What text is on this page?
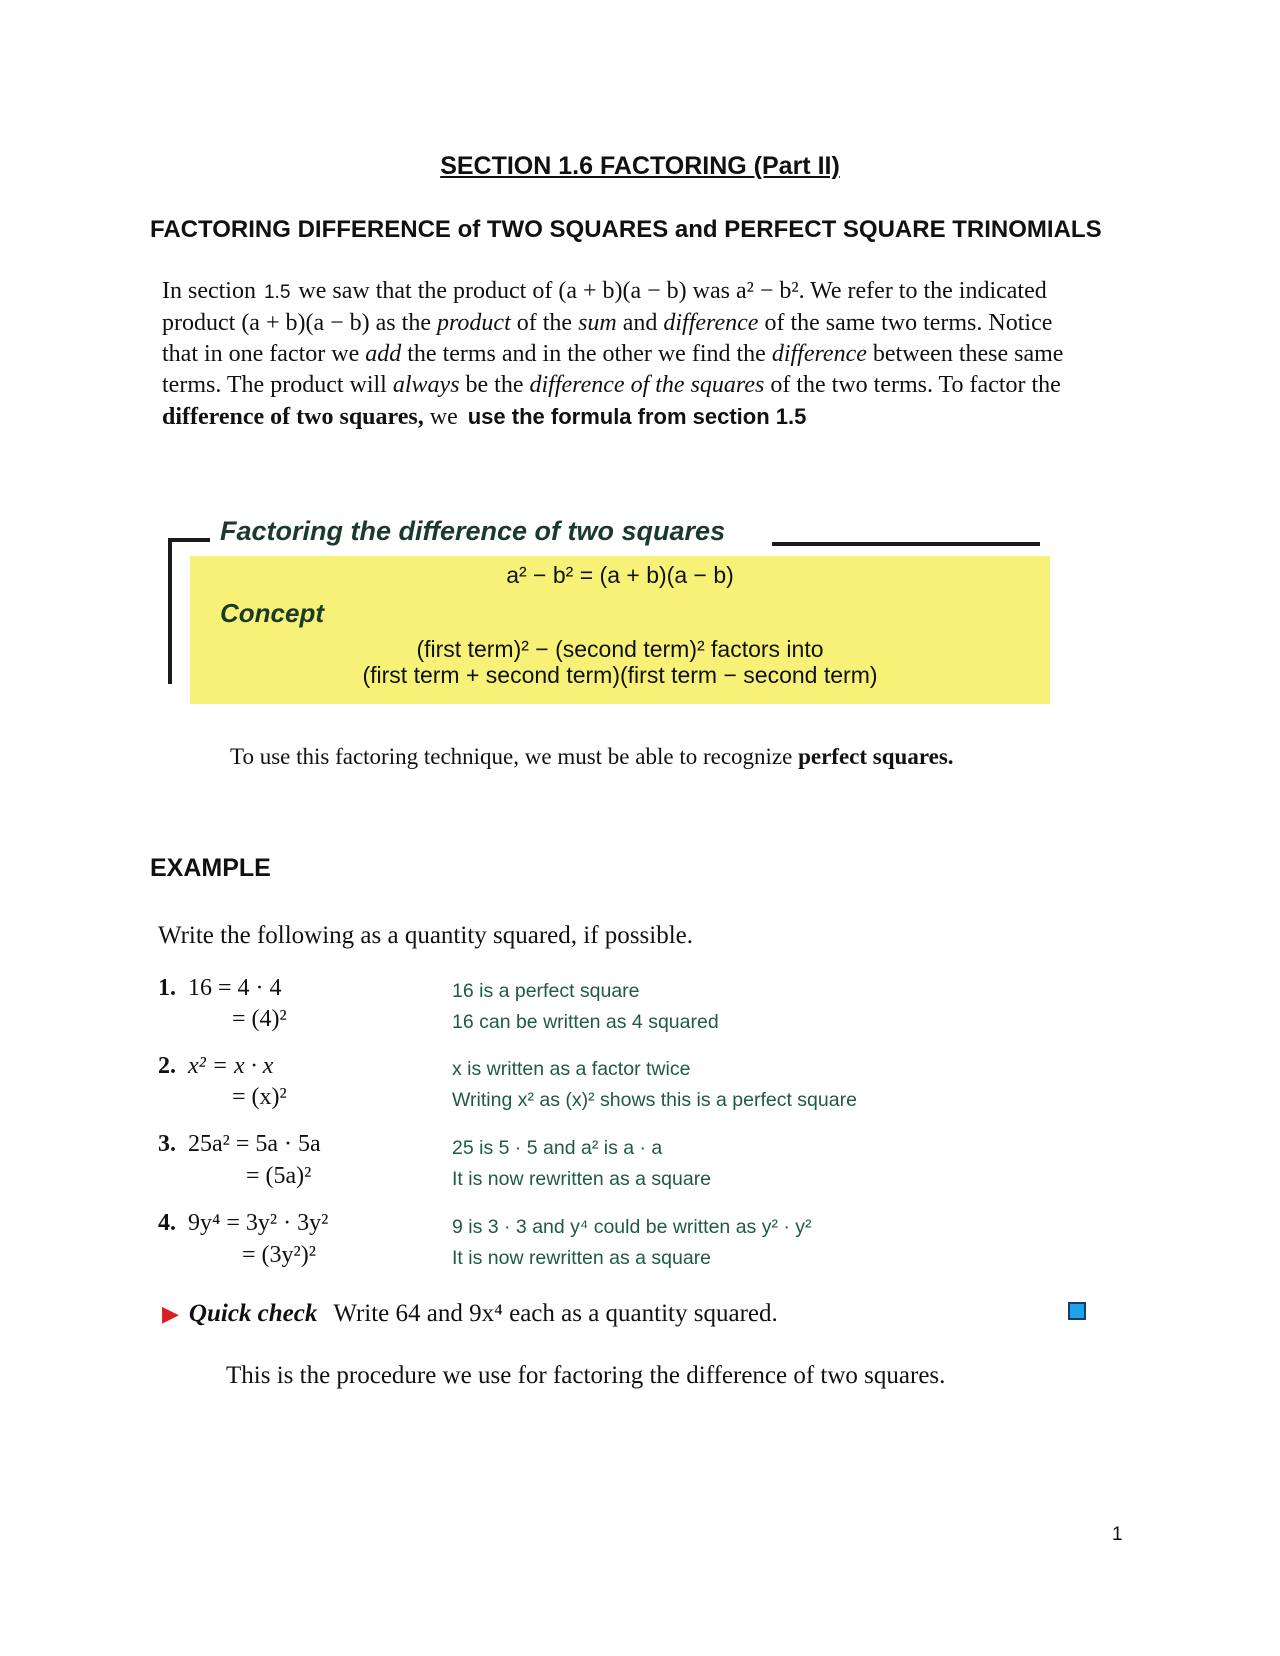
SECTION 1.6 FACTORING (Part II)
FACTORING DIFFERENCE of TWO SQUARES and PERFECT SQUARE TRINOMIALS
In section 1.5 we saw that the product of (a + b)(a − b) was a² − b². We refer to the indicated product (a + b)(a − b) as the product of the sum and difference of the same two terms. Notice that in one factor we add the terms and in the other we find the difference between these same terms. The product will always be the difference of the squares of the two terms. To factor the difference of two squares, we use the formula from section 1.5
Factoring the difference of two squares
a² − b² = (a + b)(a − b)
Concept
(first term)² − (second term)² factors into
(first term + second term)(first term − second term)
To use this factoring technique, we must be able to recognize perfect squares.
EXAMPLE
Write the following as a quantity squared, if possible.
1. 16 = 4 · 4
= (4)²
16 is a perfect square
16 can be written as 4 squared
2. x² = x · x
= (x)²
x is written as a factor twice
Writing x² as (x)² shows this is a perfect square
3. 25a² = 5a · 5a
= (5a)²
25 is 5 · 5 and a² is a · a
It is now rewritten as a square
4. 9y⁴ = 3y² · 3y²
= (3y²)²
9 is 3 · 3 and y⁴ could be written as y² · y²
It is now rewritten as a square
▶ Quick check Write 64 and 9x⁴ each as a quantity squared.
This is the procedure we use for factoring the difference of two squares.
1
